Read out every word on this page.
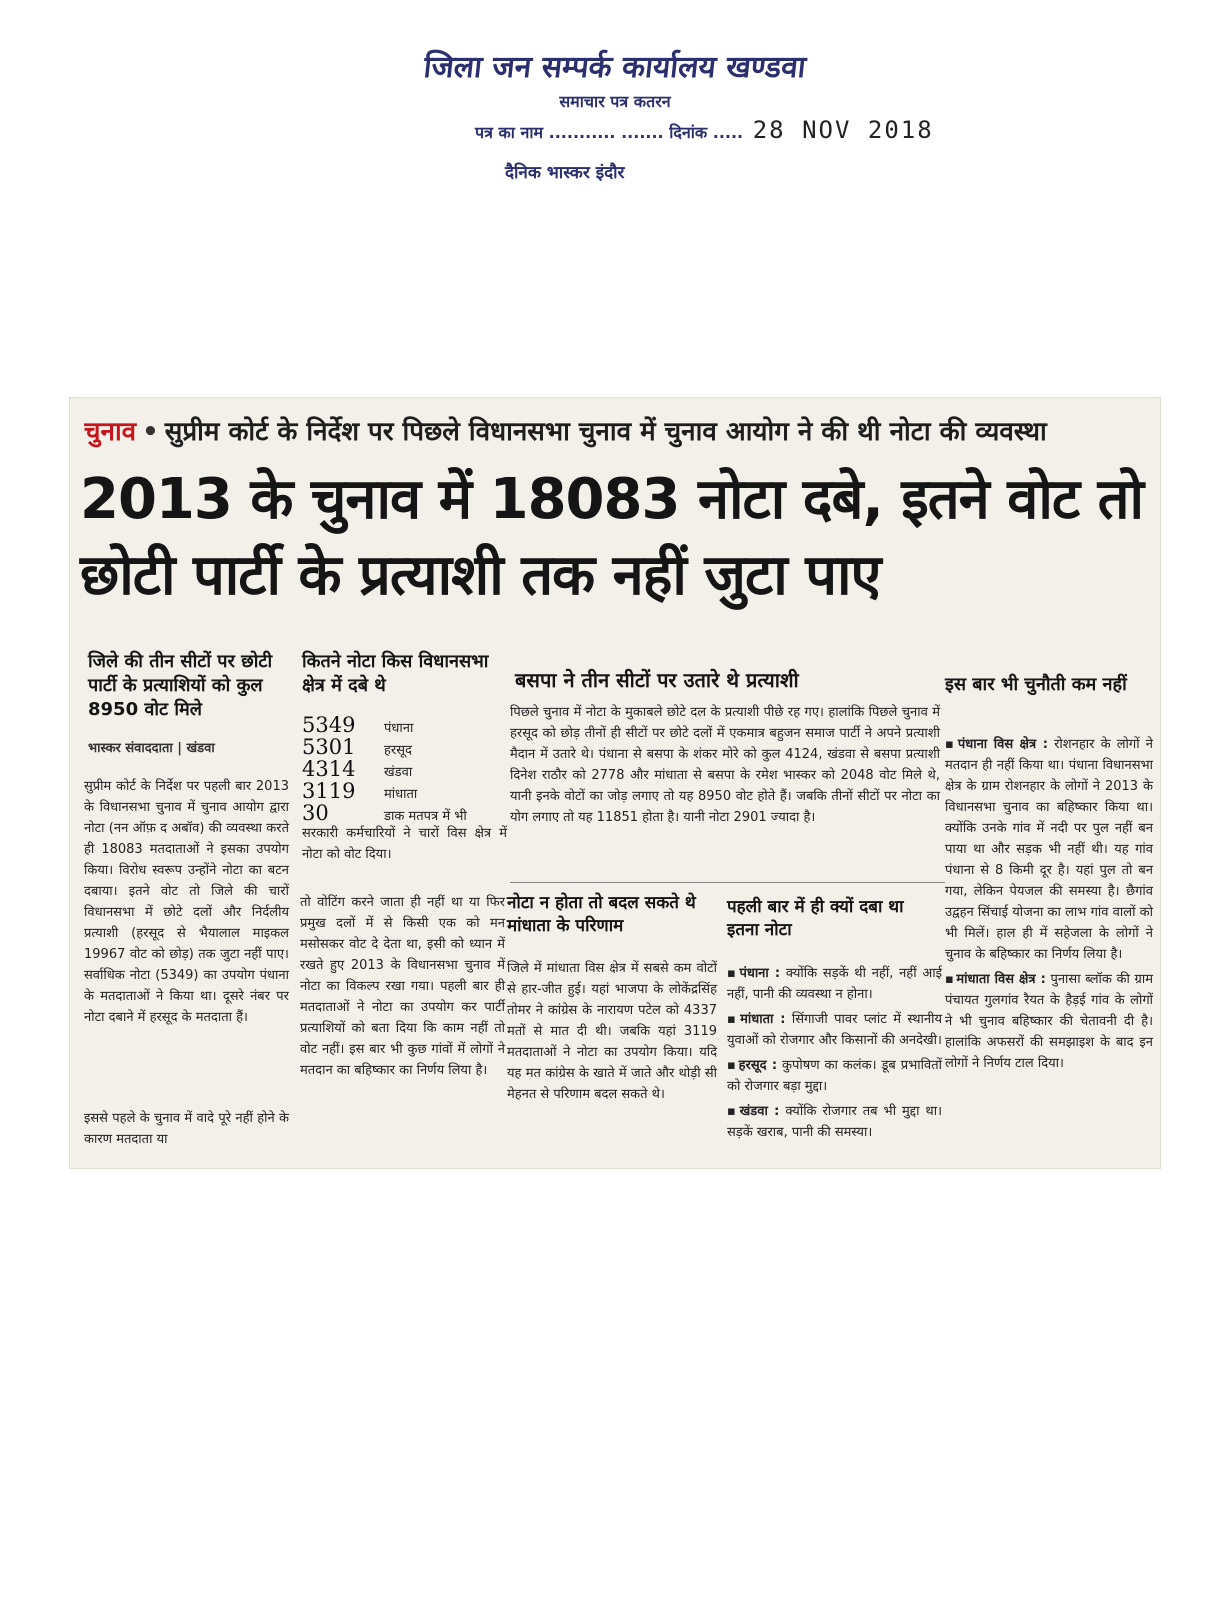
जिला जन सम्पर्क कार्यालय खण्डवा
समाचार पत्र कतरन
पत्र का नाम ........... ....... दिनांक ..... 28 NOV 2018
दैनिक भास्कर इंदौर
चुनाव • सुप्रीम कोर्ट के निर्देश पर पिछले विधानसभा चुनाव में चुनाव आयोग ने की थी नोटा की व्यवस्था
2013 के चुनाव में 18083 नोटा दबे, इतने वोट तो छोटी पार्टी के प्रत्याशी तक नहीं जुटा पाए
जिले की तीन सीटों पर छोटी पार्टी के प्रत्याशियों को कुल 8950 वोट मिले
भास्कर संवाददाता | खंडवा
सुप्रीम कोर्ट के निर्देश पर पहली बार 2013 के विधानसभा चुनाव में चुनाव आयोग द्वारा नोटा (नन ऑफ़ द अबॉव) की व्यवस्था करते ही 18083 मतदाताओं ने इसका उपयोग किया। विरोध स्वरूप उन्होंने नोटा का बटन दबाया। इतने वोट तो जिले की चारों विधानसभा में छोटे दलों और निर्दलीय प्रत्याशी (हरसूद से भैयालाल माइकल 19967 वोट को छोड़) तक जुटा नहीं पाए। सर्वाधिक नोटा (5349) का उपयोग पंधाना के मतदाताओं ने किया था। दूसरे नंबर पर नोटा दबाने में हरसूद के मतदाता हैं।
इससे पहले के चुनाव में वादे पूरे नहीं होने के कारण मतदाता या
कितने नोटा किस विधानसभा क्षेत्र में दबे थे
5349	पंधाना
5301	हरसूद
4314	खंडवा
3119	मांधाता
30	डाक मतपत्र में भी
सरकारी कर्मचारियों ने चारों विस क्षेत्र में नोटा को वोट दिया।
तो वोटिंग करने जाता ही नहीं था या फिर प्रमुख दलों में से किसी एक को मन मसोसकर वोट दे देता था, इसी को ध्यान में रखते हुए 2013 के विधानसभा चुनाव में नोटा का विकल्प रखा गया। पहली बार ही मतदाताओं ने नोटा का उपयोग कर पार्टी प्रत्याशियों को बता दिया कि काम नहीं तो वोट नहीं। इस बार भी कुछ गांवों में लोगों ने मतदान का बहिष्कार का निर्णय लिया है।
बसपा ने तीन सीटों पर उतारे थे प्रत्याशी
पिछले चुनाव में नोटा के मुकाबले छोटे दल के प्रत्याशी पीछे रह गए। हालांकि पिछले चुनाव में हरसूद को छोड़ तीनों ही सीटों पर छोटे दलों में एकमात्र बहुजन समाज पार्टी ने अपने प्रत्याशी मैदान में उतारे थे। पंधाना से बसपा के शंकर मोरे को कुल 4124, खंडवा से बसपा प्रत्याशी दिनेश राठौर को 2778 और मांधाता से बसपा के रमेश भास्कर को 2048 वोट मिले थे, यानी इनके वोटों का जोड़ लगाए तो यह 8950 वोट होते हैं। जबकि तीनों सीटों पर नोटा का योग लगाए तो यह 11851 होता है। यानी नोटा 2901 ज्यादा है।
नोटा न होता तो बदल सकते थे मांधाता के परिणाम
जिले में मांधाता विस क्षेत्र में सबसे कम वोटों से हार-जीत हुई। यहां भाजपा के लोकेंद्रसिंह तोमर ने कांग्रेस के नारायण पटेल को 4337 मतों से मात दी थी। जबकि यहां 3119 मतदाताओं ने नोटा का उपयोग किया। यदि यह मत कांग्रेस के खाते में जाते और थोड़ी सी मेहनत से परिणाम बदल सकते थे।
पहली बार में ही क्यों दबा था इतना नोटा
▪ पंधाना : क्योंकि सड़कें थी नहीं, नहीं आई नहीं, पानी की व्यवस्था न होना।
▪ मांधाता : सिंगाजी पावर प्लांट में स्थानीय युवाओं को रोजगार और किसानों की अनदेखी।
▪ हरसूद : कुपोषण का कलंक। डूब प्रभावितों को रोजगार बड़ा मुद्दा।
▪ खंडवा : क्योंकि रोजगार तब भी मुद्दा था। सड़कें खराब, पानी की समस्या।
इस बार भी चुनौती कम नहीं
▪ पंधाना विस क्षेत्र : रोशनहार के लोगों ने मतदान ही नहीं किया था। पंधाना विधानसभा क्षेत्र के ग्राम रोशनहार के लोगों ने 2013 के विधानसभा चुनाव का बहिष्कार किया था। क्योंकि उनके गांव में नदी पर पुल नहीं बन पाया था और सड़क भी नहीं थी। यह गांव पंधाना से 8 किमी दूर है। यहां पुल तो बन गया, लेकिन पेयजल की समस्या है। छैगांव उद्वहन सिंचाई योजना का लाभ गांव वालों को भी मिलें। हाल ही में सहेजला के लोगों ने चुनाव के बहिष्कार का निर्णय लिया है।
▪ मांधाता विस क्षेत्र : पुनासा ब्लॉक की ग्राम पंचायत गुलगांव रैयत के हैड़ई गांव के लोगों ने भी चुनाव बहिष्कार की चेतावनी दी है। हालांकि अफसरों की समझाइश के बाद इन लोगों ने निर्णय टाल दिया।
